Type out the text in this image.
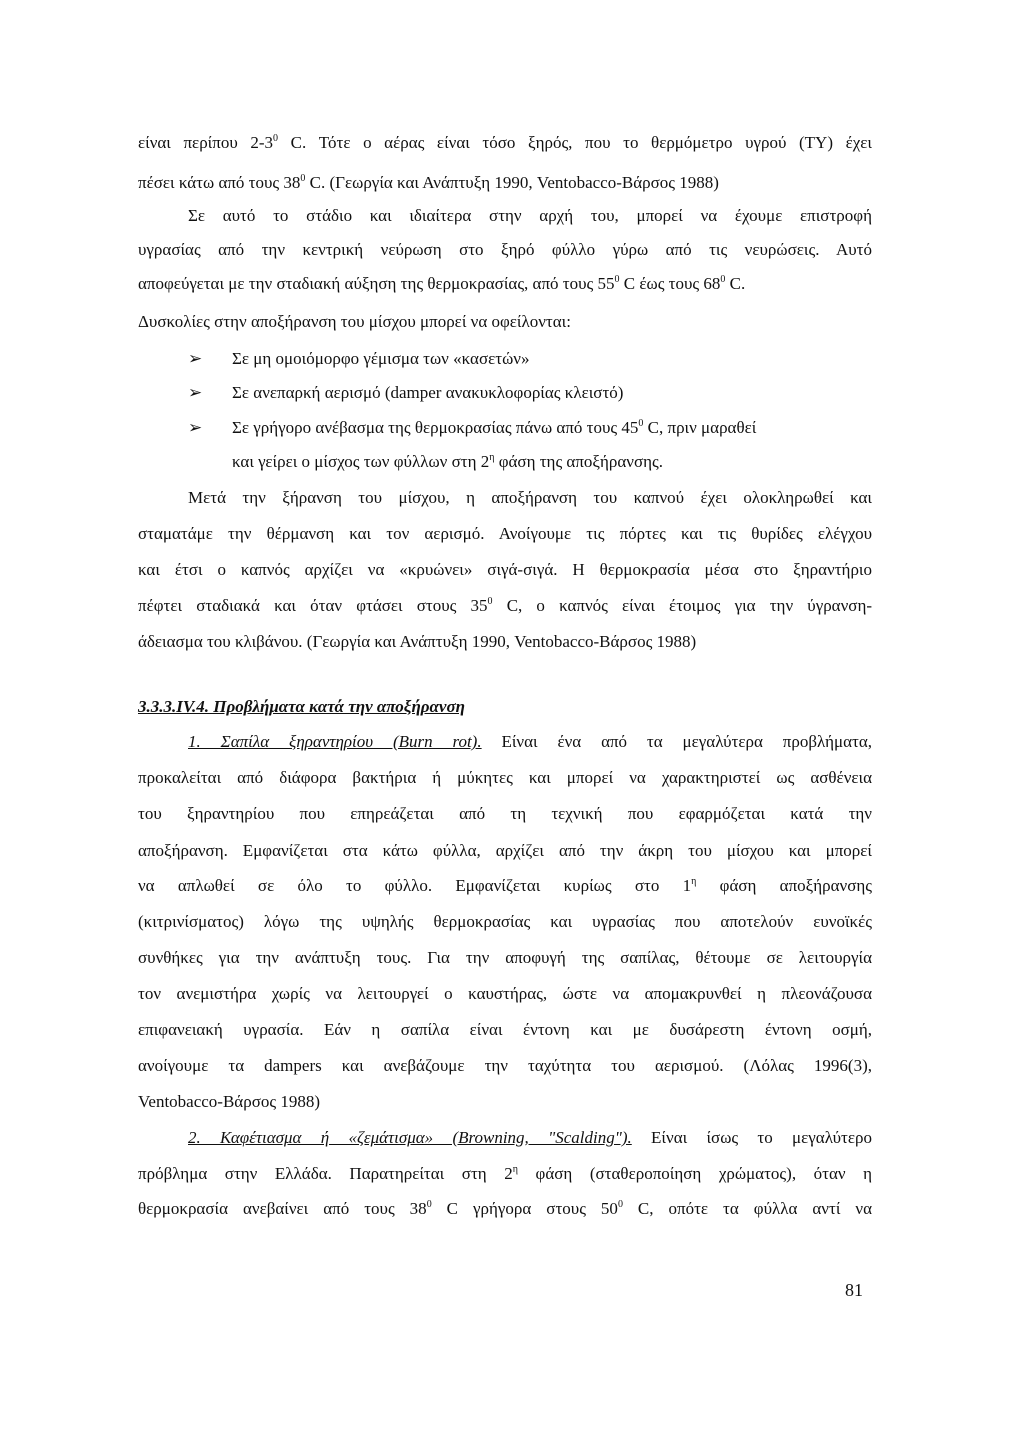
είναι περίπου $2-3^0$ C. Τότε ο αέρας είναι τόσο ξηρός, που το θερμόμετρο υγρού (ΤΥ) έχει
πέσει κάτω από τους $38^0$ C. (Γεωργία και Ανάπτυξη 1990, Ventobacco-Βάρσος 1988)
Σε αυτό το στάδιο και ιδιαίτερα στην αρχή του, μπορεί να έχουμε επιστροφή
υγρασίας από την κεντρική νεύρωση στο ξηρό φύλλο γύρω από τις νευρώσεις. Αυτό
αποφεύγεται με την σταδιακή αύξηση της θερμοκρασίας, από τους $55^0$ C έως τους $68^0$ C.
Δυσκολίες στην αποξήρανση του μίσχου μπορεί να οφείλονται:
➢ Σε μη ομοιόμορφο γέμισμα των «κασετών»
➢ Σε ανεπαρκή αερισμό (damper ανακυκλοφορίας κλειστό)
➢ Σε γρήγορο ανέβασμα της θερμοκρασίας πάνω από τους $45^0$ C, πριν μαραθεί
και γείρει ο μίσχος των φύλλων στη $2^\eta$ φάση της αποξήρανσης.
Μετά την ξήρανση του μίσχου, η αποξήρανση του καπνού έχει ολοκληρωθεί και
σταματάμε την θέρμανση και τον αερισμό. Ανοίγουμε τις πόρτες και τις θυρίδες ελέγχου
και έτσι ο καπνός αρχίζει να «κρυώνει» σιγά-σιγά. Η θερμοκρασία μέσα στο ξηραντήριο
πέφτει σταδιακά και όταν φτάσει στους $35^0$ C, ο καπνός είναι έτοιμος για την ύγρανση-
άδειασμα του κλιβάνου. (Γεωργία και Ανάπτυξη 1990, Ventobacco-Βάρσος 1988)
3.3.3.IV.4. Προβλήματα κατά την αποξήρανση
1. Σαπίλα ξηραντηρίου (Burn rot). Είναι ένα από τα μεγαλύτερα προβλήματα,
προκαλείται από διάφορα βακτήρια ή μύκητες και μπορεί να χαρακτηριστεί ως ασθένεια
του ξηραντηρίου που επηρεάζεται από τη τεχνική που εφαρμόζεται κατά την
αποξήρανση. Εμφανίζεται στα κάτω φύλλα, αρχίζει από την άκρη του μίσχου και μπορεί
να απλωθεί σε όλο το φύλλο. Εμφανίζεται κυρίως στο $1^\eta$ φάση αποξήρανσης
(κιτρινίσματος) λόγω της υψηλής θερμοκρασίας και υγρασίας που αποτελούν ευνοϊκές
συνθήκες για την ανάπτυξη τους. Για την αποφυγή της σαπίλας, θέτουμε σε λειτουργία
τον ανεμιστήρα χωρίς να λειτουργεί ο καυστήρας, ώστε να απομακρυνθεί η πλεονάζουσα
επιφανειακή υγρασία. Εάν η σαπίλα είναι έντονη και με δυσάρεστη έντονη οσμή,
ανοίγουμε τα dampers και ανεβάζουμε την ταχύτητα του αερισμού. (Λόλας 1996(3),
Ventobacco-Βάρσος 1988)
2. Καφέτιασμα ή «ζεμάτισμα» (Browning, "Scalding"). Είναι ίσως το μεγαλύτερο
πρόβλημα στην Ελλάδα. Παρατηρείται στη $2^\eta$ φάση (σταθεροποίηση χρώματος), όταν η
θερμοκρασία ανεβαίνει από τους $38^0$ C γρήγορα στους $50^0$ C, οπότε τα φύλλα αντί να
81
